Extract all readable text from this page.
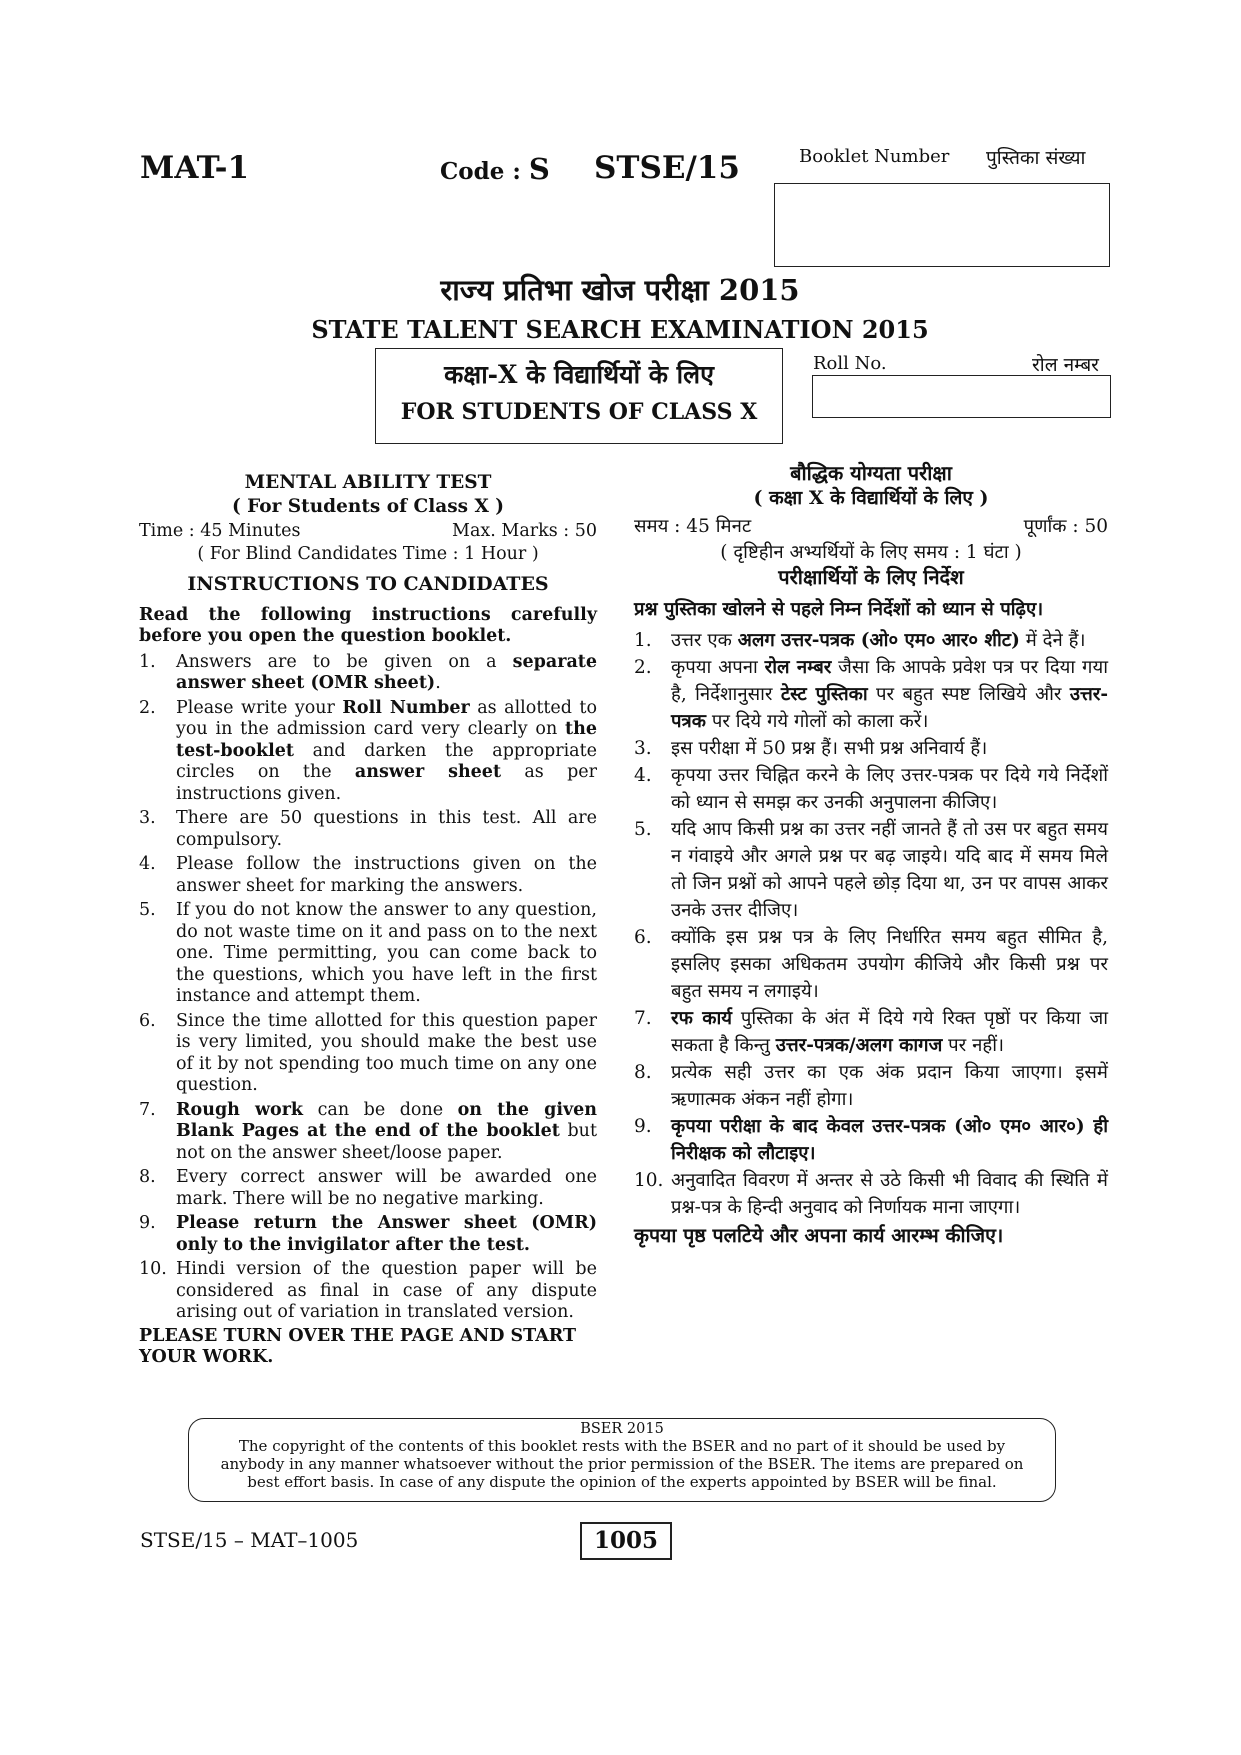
MAT-1	Code : S STSE/15	Booklet Number पुस्तिका संख्या
राज्य प्रतिभा खोज परीक्षा 2015
STATE TALENT SEARCH EXAMINATION 2015
कक्षा-X के विद्यार्थियों के लिए
FOR STUDENTS OF CLASS X
Roll No.	रोल नम्बर
MENTAL ABILITY TEST
( For Students of Class X )
Time : 45 Minutes	Max. Marks : 50
( For Blind Candidates Time : 1 Hour )
INSTRUCTIONS TO CANDIDATES
Read the following instructions carefully before you open the question booklet.
1. Answers are to be given on a separate answer sheet (OMR sheet).
2. Please write your Roll Number as allotted to you in the admission card very clearly on the test-booklet and darken the appropriate circles on the answer sheet as per instructions given.
3. There are 50 questions in this test. All are compulsory.
4. Please follow the instructions given on the answer sheet for marking the answers.
5. If you do not know the answer to any question, do not waste time on it and pass on to the next one. Time permitting, you can come back to the questions, which you have left in the first instance and attempt them.
6. Since the time allotted for this question paper is very limited, you should make the best use of it by not spending too much time on any one question.
7. Rough work can be done on the given Blank Pages at the end of the booklet but not on the answer sheet/loose paper.
8. Every correct answer will be awarded one mark. There will be no negative marking.
9. Please return the Answer sheet (OMR) only to the invigilator after the test.
10. Hindi version of the question paper will be considered as final in case of any dispute arising out of variation in translated version.
PLEASE TURN OVER THE PAGE AND START YOUR WORK.
बौद्धिक योग्यता परीक्षा
( कक्षा X के विद्यार्थियों के लिए )
समय : 45 मिनट	पूर्णांक : 50
( दृष्टिहीन अभ्यर्थियों के लिए समय : 1 घंटा )
परीक्षार्थियों के लिए निर्देश
प्रश्न पुस्तिका खोलने से पहले निम्न निर्देशों को ध्यान से पढ़िए।
1. उत्तर एक अलग उत्तर-पत्रक (ओ० एम० आर० शीट) में देने हैं।
2. कृपया अपना रोल नम्बर जैसा कि आपके प्रवेश पत्र पर दिया गया है, निर्देशानुसार टेस्ट पुस्तिका पर बहुत स्पष्ट लिखिये और उत्तर-पत्रक पर दिये गये गोलों को काला करें।
3. इस परीक्षा में 50 प्रश्न हैं। सभी प्रश्न अनिवार्य हैं।
4. कृपया उत्तर चिह्नित करने के लिए उत्तर-पत्रक पर दिये गये निर्देशों को ध्यान से समझ कर उनकी अनुपालना कीजिए।
5. यदि आप किसी प्रश्न का उत्तर नहीं जानते हैं तो उस पर बहुत समय न गंवाइये और अगले प्रश्न पर बढ़ जाइये। यदि बाद में समय मिले तो जिन प्रश्नों को आपने पहले छोड़ दिया था, उन पर वापस आकर उनके उत्तर दीजिए।
6. क्योंकि इस प्रश्न पत्र के लिए निर्धारित समय बहुत सीमित है, इसलिए इसका अधिकतम उपयोग कीजिये और किसी प्रश्न पर बहुत समय न लगाइये।
7. रफ कार्य पुस्तिका के अंत में दिये गये रिक्त पृष्ठों पर किया जा सकता है किन्तु उत्तर-पत्रक/अलग कागज पर नहीं।
8. प्रत्येक सही उत्तर का एक अंक प्रदान किया जाएगा। इसमें ऋणात्मक अंकन नहीं होगा।
9. कृपया परीक्षा के बाद केवल उत्तर-पत्रक (ओ० एम० आर०) ही निरीक्षक को लौटाइए।
10. अनुवादित विवरण में अन्तर से उठे किसी भी विवाद की स्थिति में प्रश्न-पत्र के हिन्दी अनुवाद को निर्णायक माना जाएगा।
कृपया पृष्ठ पलटिये और अपना कार्य आरम्भ कीजिए।
BSER 2015
The copyright of the contents of this booklet rests with the BSER and no part of it should be used by anybody in any manner whatsoever without the prior permission of the BSER. The items are prepared on best effort basis. In case of any dispute the opinion of the experts appointed by BSER will be final.
STSE/15 – MAT–1005	1005
